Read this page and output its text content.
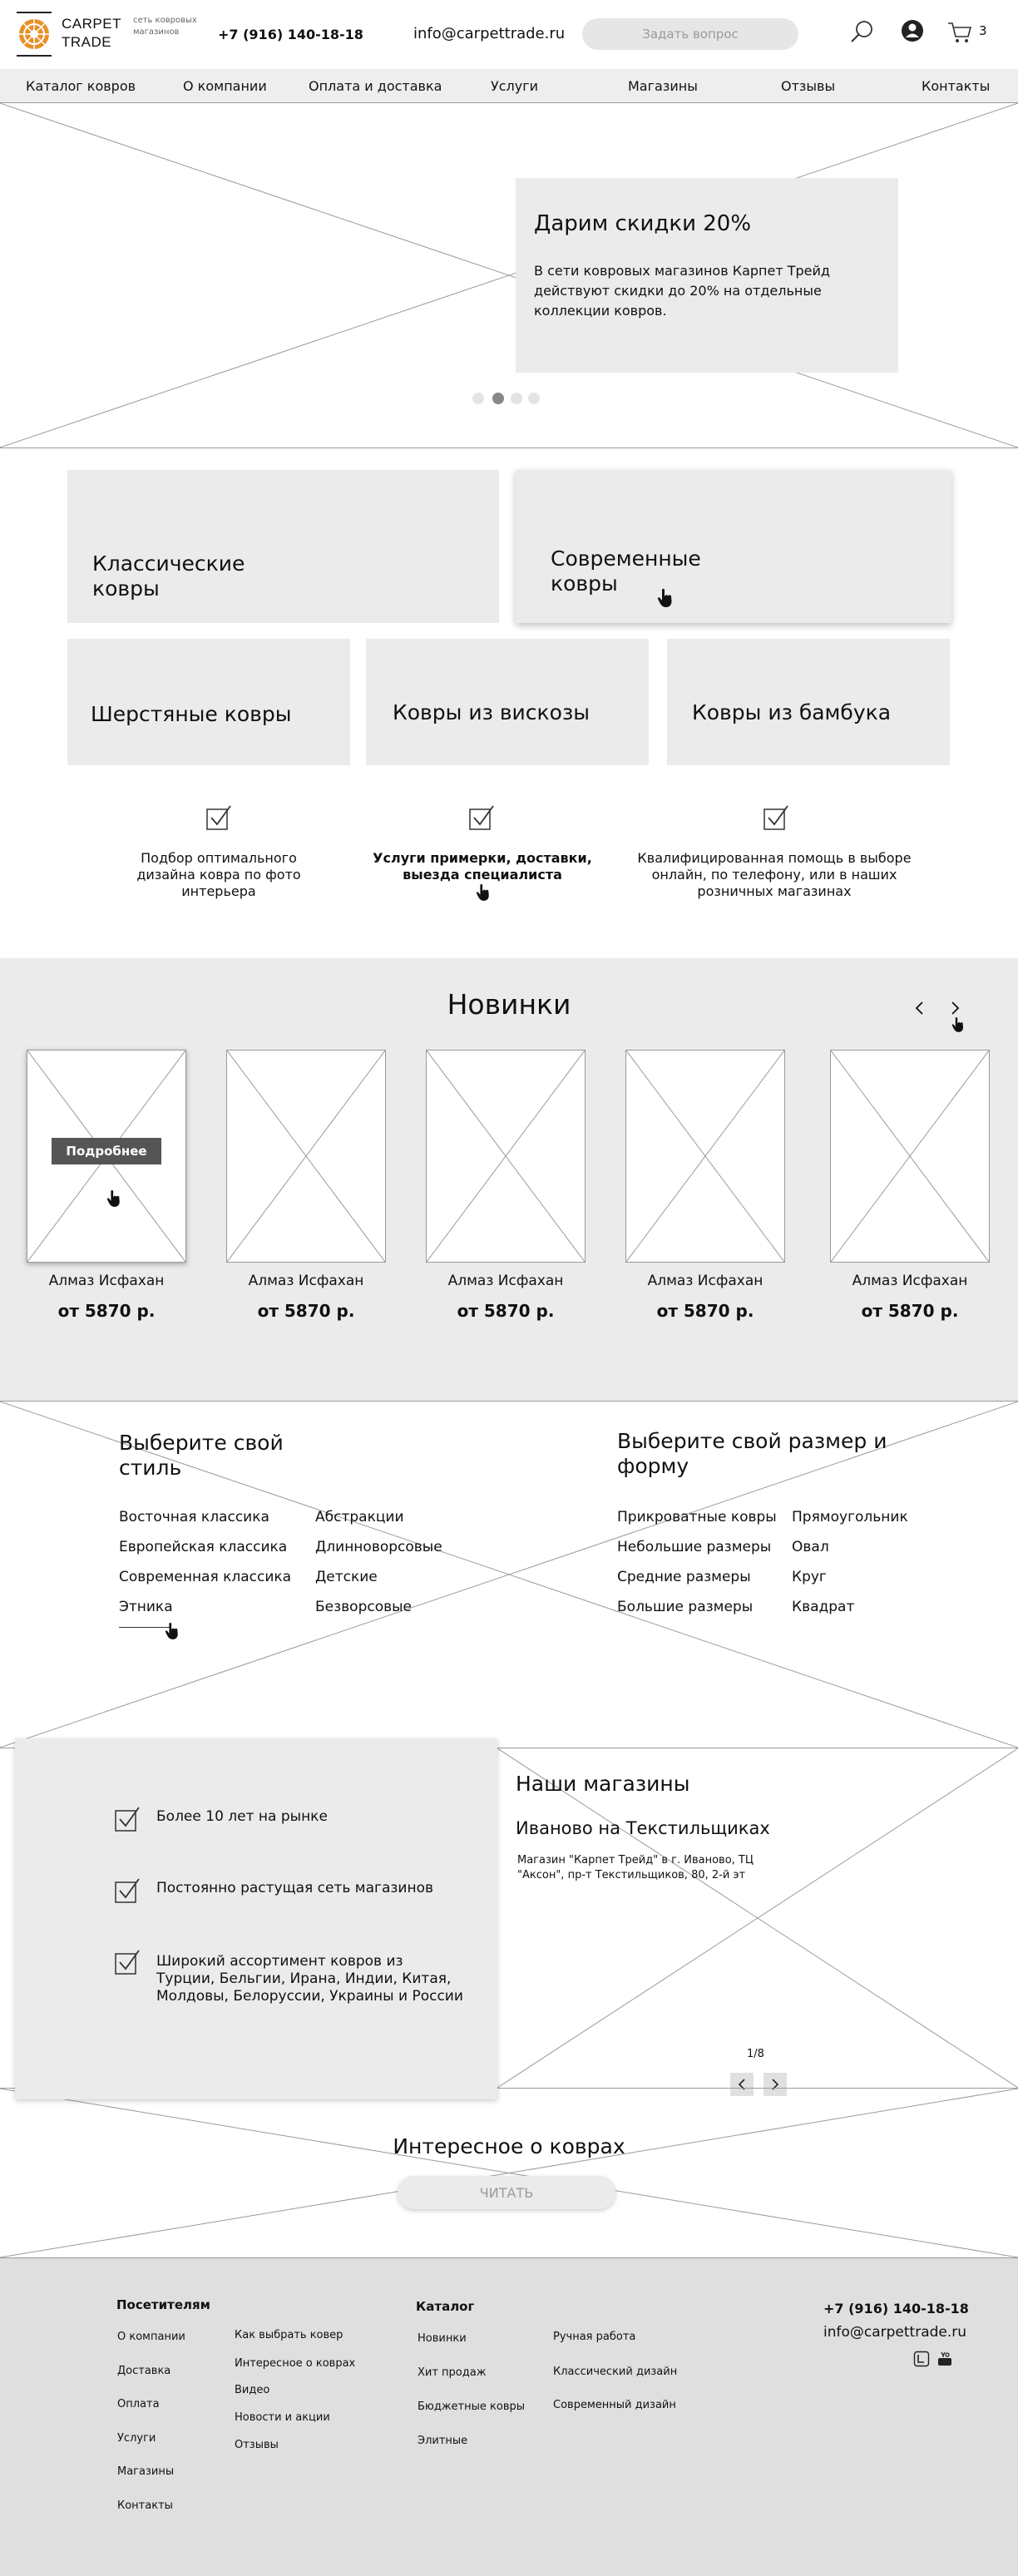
CARPET
TRADE
сеть ковровых магазинов	+7 (916) 140-18-18	info@carpettrade.ru	Задать вопрос	3
Каталог ковров	О компании	Оплата и доставка	Услуги	Магазины	Отзывы	Контакты
Дарим скидки 20%
В сети ковровых магазинов Карпет Трейд действуют скидки до 20% на отдельные коллекции ковров.
Классические ковры
Современные ковры
Шерстяные ковры	Ковры из вискозы	Ковры из бамбука
Подбор оптимального дизайна ковра по фото интерьера
Услуги примерки, доставки, выезда специалиста
Квалифицированная помощь в выборе онлайн, по телефону, или в наших розничных магазинах
Новинки
Подробнее
Алмаз Исфахан
от 5870 р.
Алмаз Исфахан
от 5870 р.
Алмаз Исфахан
от 5870 р.
Алмаз Исфахан
от 5870 р.
Алмаз Исфахан
от 5870 р.
Выберите свой стиль
Восточная классика
Европейская классика
Современная классика
Этника
Абстракции
Длинноворсовые
Детские
Безворсовые
Выберите свой размер и форму
Прикроватные ковры
Небольшие размеры
Средние размеры
Большие размеры
Прямоугольник
Овал
Круг
Квадрат
Наши магазины
Иваново на Текстильщиках
Магазин "Карпет Трейд" в г. Иваново, ТЦ "Аксон", пр-т Текстильщиков, 80, 2-й эт
1/8
Интересное о коврах
ЧИТАТЬ
Более 10 лет на рынке
Постоянно растущая сеть магазинов
Широкий ассортимент ковров из Турции, Бельгии, Ирана, Индии, Китая, Молдовы, Белоруссии, Украины и России
Посетителям
О компании
Доставка
Оплата
Услуги
Магазины
Контакты
Как выбрать ковер
Интересное о коврах
Видео
Новости и акции
Отзывы
Каталог
Новинки
Хит продаж
Бюджетные ковры
Элитные
Ручная работа
Классический дизайн
Современный дизайн
+7 (916) 140-18-18
info@carpettrade.ru
